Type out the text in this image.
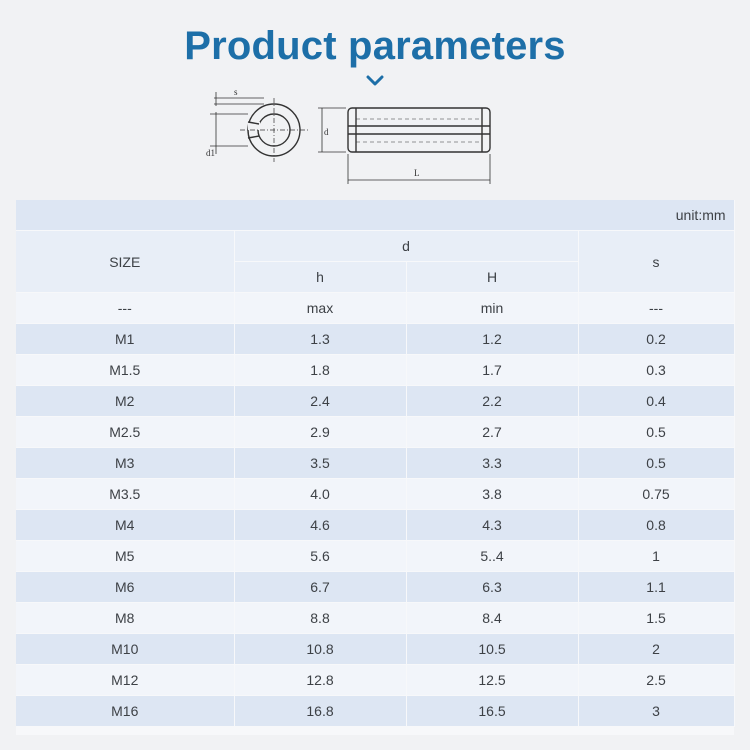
Product parameters
s
d1
d
L
unit:mm			
SIZE	d		s
	h	H	
---	max	min	---
M1	1.3	1.2	0.2
M1.5	1.8	1.7	0.3
M2	2.4	2.2	0.4
M2.5	2.9	2.7	0.5
M3	3.5	3.3	0.5
M3.5	4.0	3.8	0.75
M4	4.6	4.3	0.8
M5	5.6	5..4	1
M6	6.7	6.3	1.1
M8	8.8	8.4	1.5
M10	10.8	10.5	2
M12	12.8	12.5	2.5
M16	16.8	16.5	3
